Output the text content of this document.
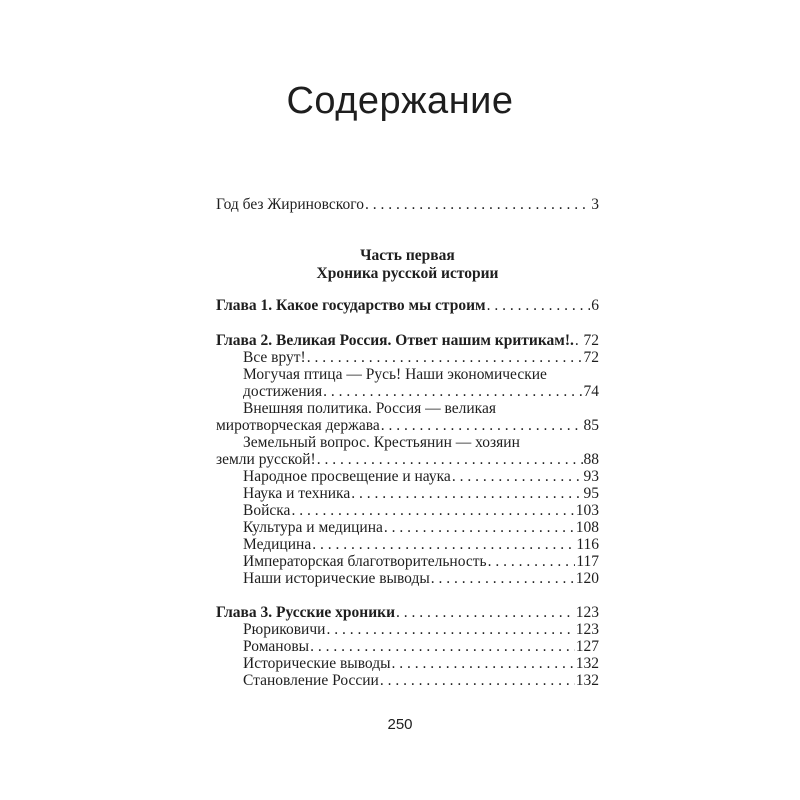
Содержание
Год без Жириновского . . .	3
Часть первая
Хроника русской истории
Глава 1. Какое государство мы строим . . .	6
Глава 2. Великая Россия. Ответ нашим критикам!. . . . 72
Все врут! . . .	72
Могучая птица — Русь! Наши экономические
достижения . . .	74
Внешняя политика. Россия — великая
миротворческая держава . . .	85
Земельный вопрос. Крестьянин — хозяин
земли русской! . . .	88
Народное просвещение и наука . . .	93
Наука и техника . . .	95
Войска . . .	103
Культура и медицина . . .	108
Медицина . . .	116
Императорская благотворительность . . .	117
Наши исторические выводы . . .	120
Глава 3. Русские хроники . . .	123
Рюриковичи . . .	123
Романовы . . .	127
Исторические выводы . . .	132
Становление России . . .	132
250
